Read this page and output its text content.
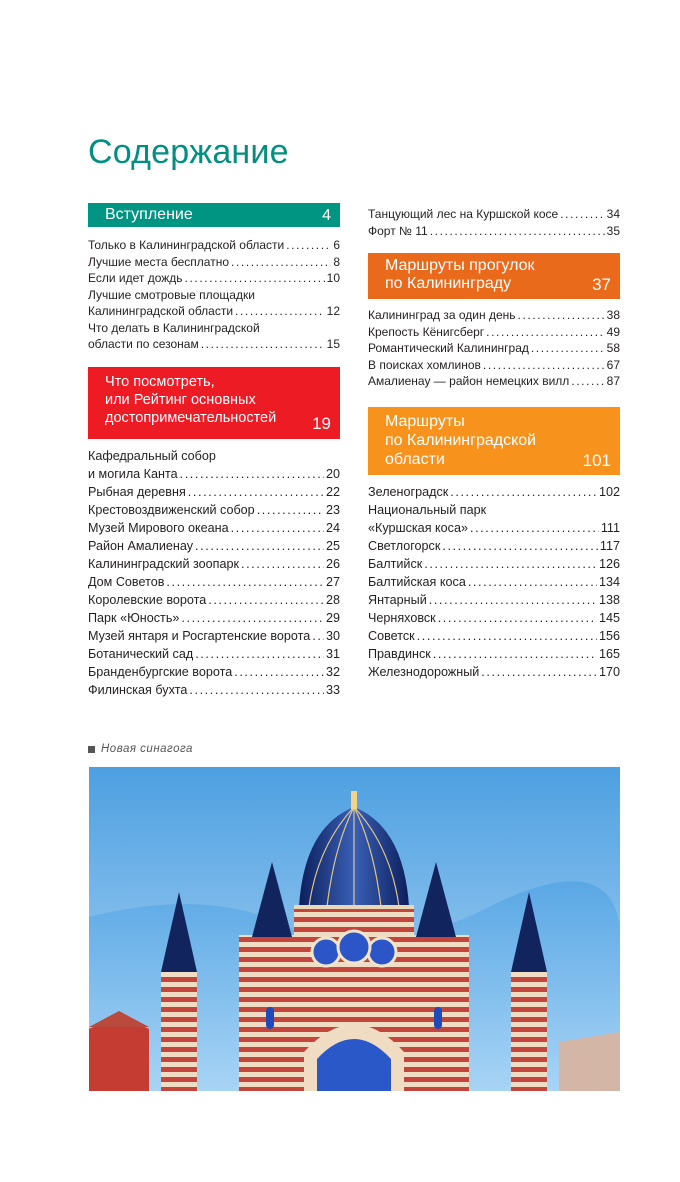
Содержание
Вступление	4
Только в Калининградской области .....	6
Лучшие места бесплатно .....	8
Если идет дождь .....	10
Лучшие смотровые площадки
Калининградской области .....	12
Что делать в Калининградской
области по сезонам .....	15
Что посмотреть,
или Рейтинг основных
достопримечательностей	19
Кафедральный собор
и могила Канта .....	20
Рыбная деревня .....	22
Крестовоздвиженский собор .....	23
Музей Мирового океана .....	24
Район Амалиенау .....	25
Калининградский зоопарк .....	26
Дом Советов .....	27
Королевские ворота .....	28
Парк «Юность» .....	29
Музей янтаря и Росгартенские ворота ..... 30
Ботанический сад .....	31
Бранденбургские ворота .....	32
Филинская бухта .....	33
Танцующий лес на Куршской косе .....	34
Форт № 11 .....	35
Маршруты прогулок
по Калининграду	37
Калининград за один день .....	38
Крепость Кёнигсберг .....	49
Романтический Калининград .....	58
В поисках хомлинов .....	67
Амалиенау — район немецких вилл .....	87
Маршруты
по Калининградской
области	101
Зеленоградск .....	102
Национальный парк
«Куршская коса» .....	111
Светлогорск .....	117
Балтийск .....	126
Балтийская коса .....	134
Янтарный .....	138
Черняховск .....	145
Советск .....	156
Правдинск .....	165
Железнодорожный .....	170
Новая синагога
